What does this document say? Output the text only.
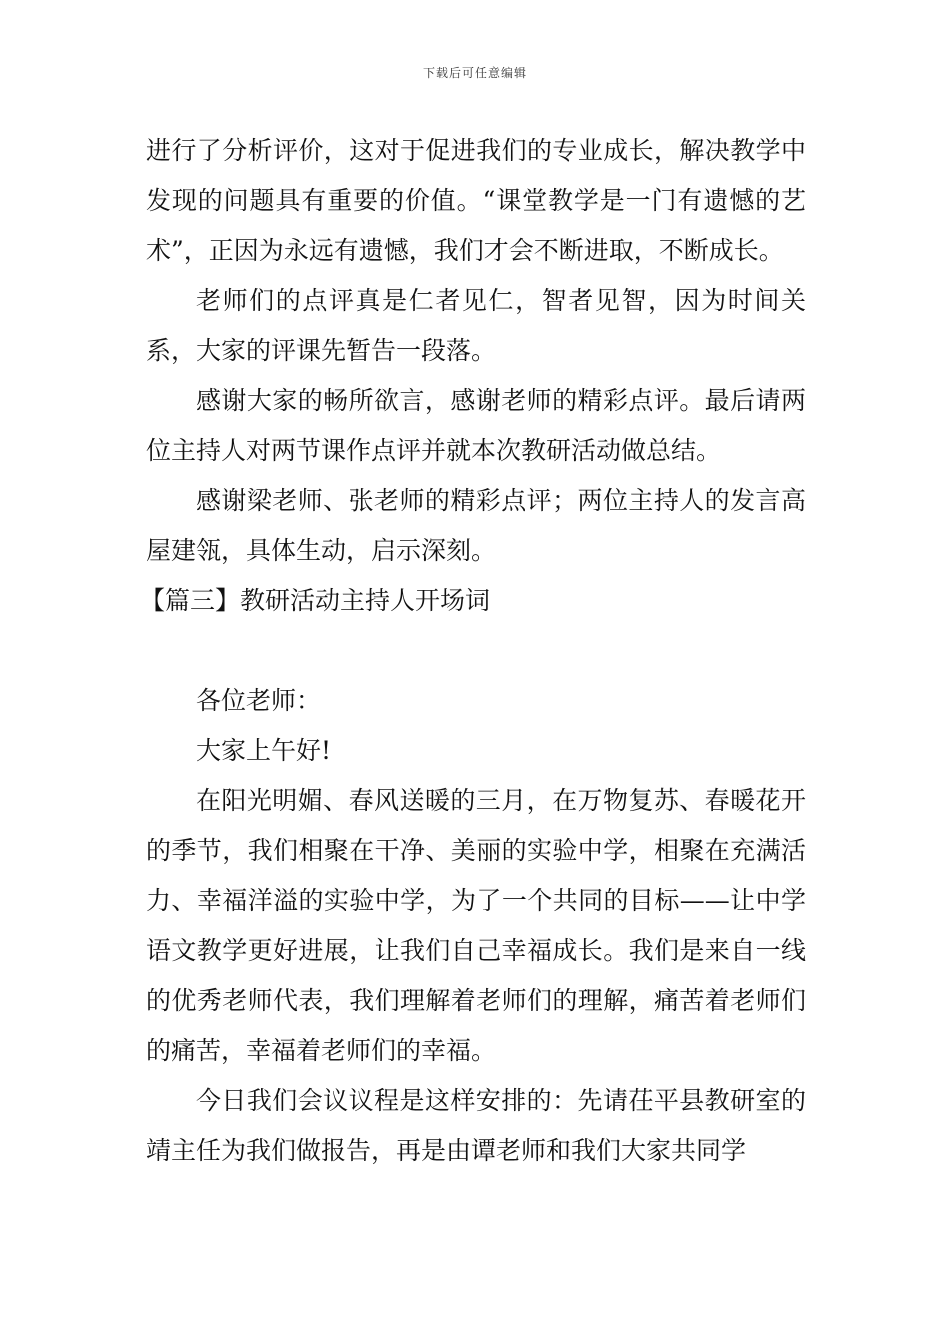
下载后可任意编辑

进行了分析评价，这对于促进我们的专业成长，解决教学中发现的问题具有重要的价值。“课堂教学是一门有遗憾的艺术”，正因为永远有遗憾，我们才会不断进取，不断成长。

老师们的点评真是仁者见仁，智者见智，因为时间关系，大家的评课先暂告一段落。

感谢大家的畅所欲言，感谢老师的精彩点评。最后请两位主持人对两节课作点评并就本次教研活动做总结。

感谢梁老师、张老师的精彩点评；两位主持人的发言高屋建瓴，具体生动，启示深刻。

【篇三】教研活动主持人开场词

各位老师：

大家上午好!

在阳光明媚、春风送暖的三月，在万物复苏、春暖花开的季节，我们相聚在干净、美丽的实验中学，相聚在充满活力、幸福洋溢的实验中学，为了一个共同的目标——让中学语文教学更好进展，让我们自己幸福成长。我们是来自一线的优秀老师代表，我们理解着老师们的理解，痛苦着老师们的痛苦，幸福着老师们的幸福。

今日我们会议议程是这样安排的：先请茌平县教研室的靖主任为我们做报告，再是由谭老师和我们大家共同学
